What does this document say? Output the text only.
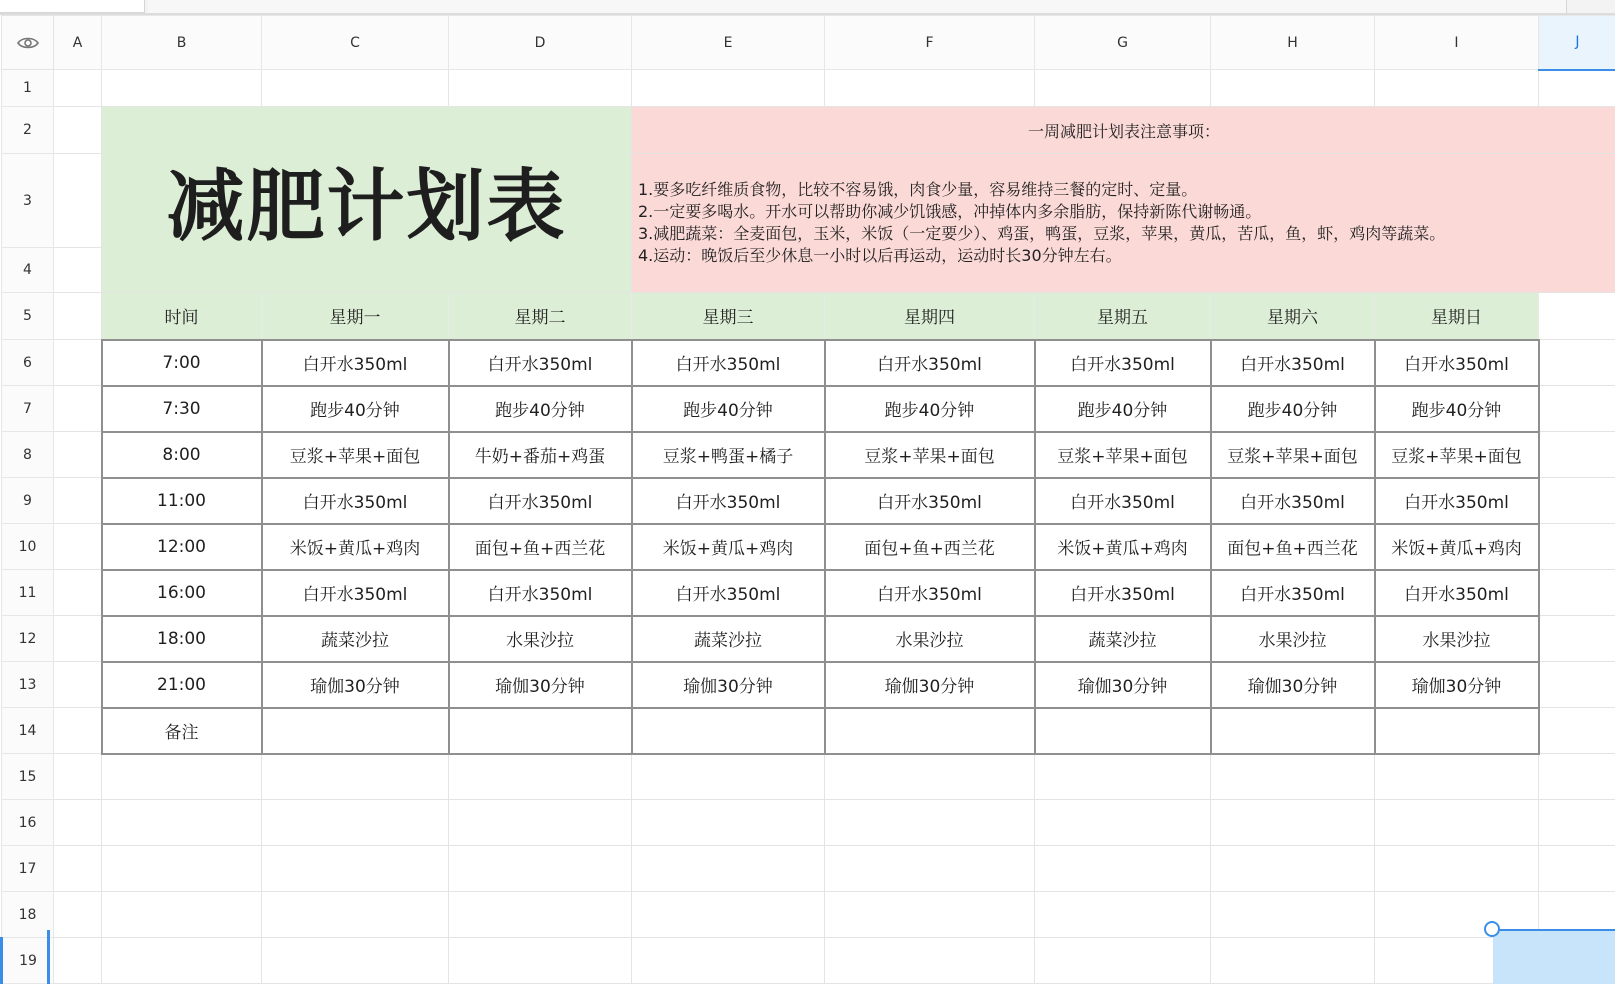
	A	B	C	D	E	F	G	H	I	J	
1											
2		减肥计划表			一周减肥计划表注意事项：						
3					1.要多吃纤维质食物，比较不容易饿，肉食少量，容易维持三餐的定时、定量。
2.一定要多喝水。开水可以帮助你减少饥饿感，冲掉体内多余脂肪，保持新陈代谢畅通。
3.减肥蔬菜：全麦面包，玉米，米饭（一定要少）、鸡蛋，鸭蛋，豆浆，苹果，黄瓜，苦瓜，鱼，虾，鸡肉等蔬菜。
4.运动：晚饭后至少休息一小时以后再运动，运动时长30分钟左右。						

4											
5		时间	星期一	星期二	星期三	星期四	星期五	星期六	星期日		
6		7:00	白开水350ml	白开水350ml	白开水350ml	白开水350ml	白开水350ml	白开水350ml	白开水350ml		
7		7:30	跑步40分钟	跑步40分钟	跑步40分钟	跑步40分钟	跑步40分钟	跑步40分钟	跑步40分钟		
8		8:00	豆浆+苹果+面包	牛奶+番茄+鸡蛋	豆浆+鸭蛋+橘子	豆浆+苹果+面包	豆浆+苹果+面包	豆浆+苹果+面包	豆浆+苹果+面包		
9		11:00	白开水350ml	白开水350ml	白开水350ml	白开水350ml	白开水350ml	白开水350ml	白开水350ml		
10		12:00	米饭+黄瓜+鸡肉	面包+鱼+西兰花	米饭+黄瓜+鸡肉	面包+鱼+西兰花	米饭+黄瓜+鸡肉	面包+鱼+西兰花	米饭+黄瓜+鸡肉		
11		16:00	白开水350ml	白开水350ml	白开水350ml	白开水350ml	白开水350ml	白开水350ml	白开水350ml		
12		18:00	蔬菜沙拉	水果沙拉	蔬菜沙拉	水果沙拉	蔬菜沙拉	水果沙拉	水果沙拉		
13		21:00	瑜伽30分钟	瑜伽30分钟	瑜伽30分钟	瑜伽30分钟	瑜伽30分钟	瑜伽30分钟	瑜伽30分钟		
14		备注									
15											
16											
17											
18											
19											
